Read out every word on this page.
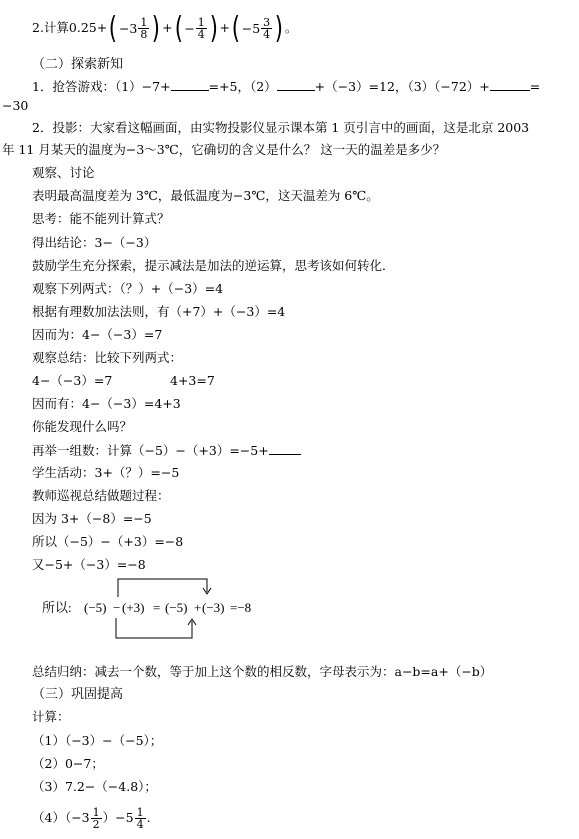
2.计算0.25+ ( $-3 \frac{1}{8}$ ) + ( − $\frac{1}{4}$ ) + ( $-5 \frac{3}{4}$ ) 。
（二）探索新知
1．抢答游戏：（1）−7+	=+5，（2）	+（−3）=12，（3）（−72）+	=
−30
2．投影：大家看这幅画面，由实物投影仪显示课本第 1 页引言中的画面，这是北京 2003
年 11 月某天的温度为−3～3℃，它确切的含义是什么？ 这一天的温差是多少？
观察、讨论
表明最高温度差为 3℃，最低温度为−3℃，这天温差为 6℃。
思考：能不能列计算式？
得出结论：3−（−3）
鼓励学生充分探索，提示减法是加法的逆运算，思考该如何转化．
观察下列两式：（？）+（−3）=4
根据有理数加法法则，有（+7）+（−3）=4
因而为：4−（−3）=7
观察总结：比较下列两式：
4−（−3）=7	4+3=7
因而有：4−（−3）=4+3
你能发现什么吗？
再举一组数：计算（−5）−（+3）=−5+
学生活动：3+（？）=−5
教师巡视总结做题过程：
因为 3+（−8）=−5
所以（−5）−（+3）=−8
又−5+（−3）=−8
所以: (−5) − (+3) = (−5) + (−3) =−8
总结归纳：减去一个数，等于加上这个数的相反数，字母表示为：a−b=a+（−b）
（三）巩固提高
计算：
（1）（−3）−（−5）；
（2）0−7；
（3）7.2−（−4.8）；
$(4)(-3 \frac{1}{2} )-5 \frac{1}{4}$ .
